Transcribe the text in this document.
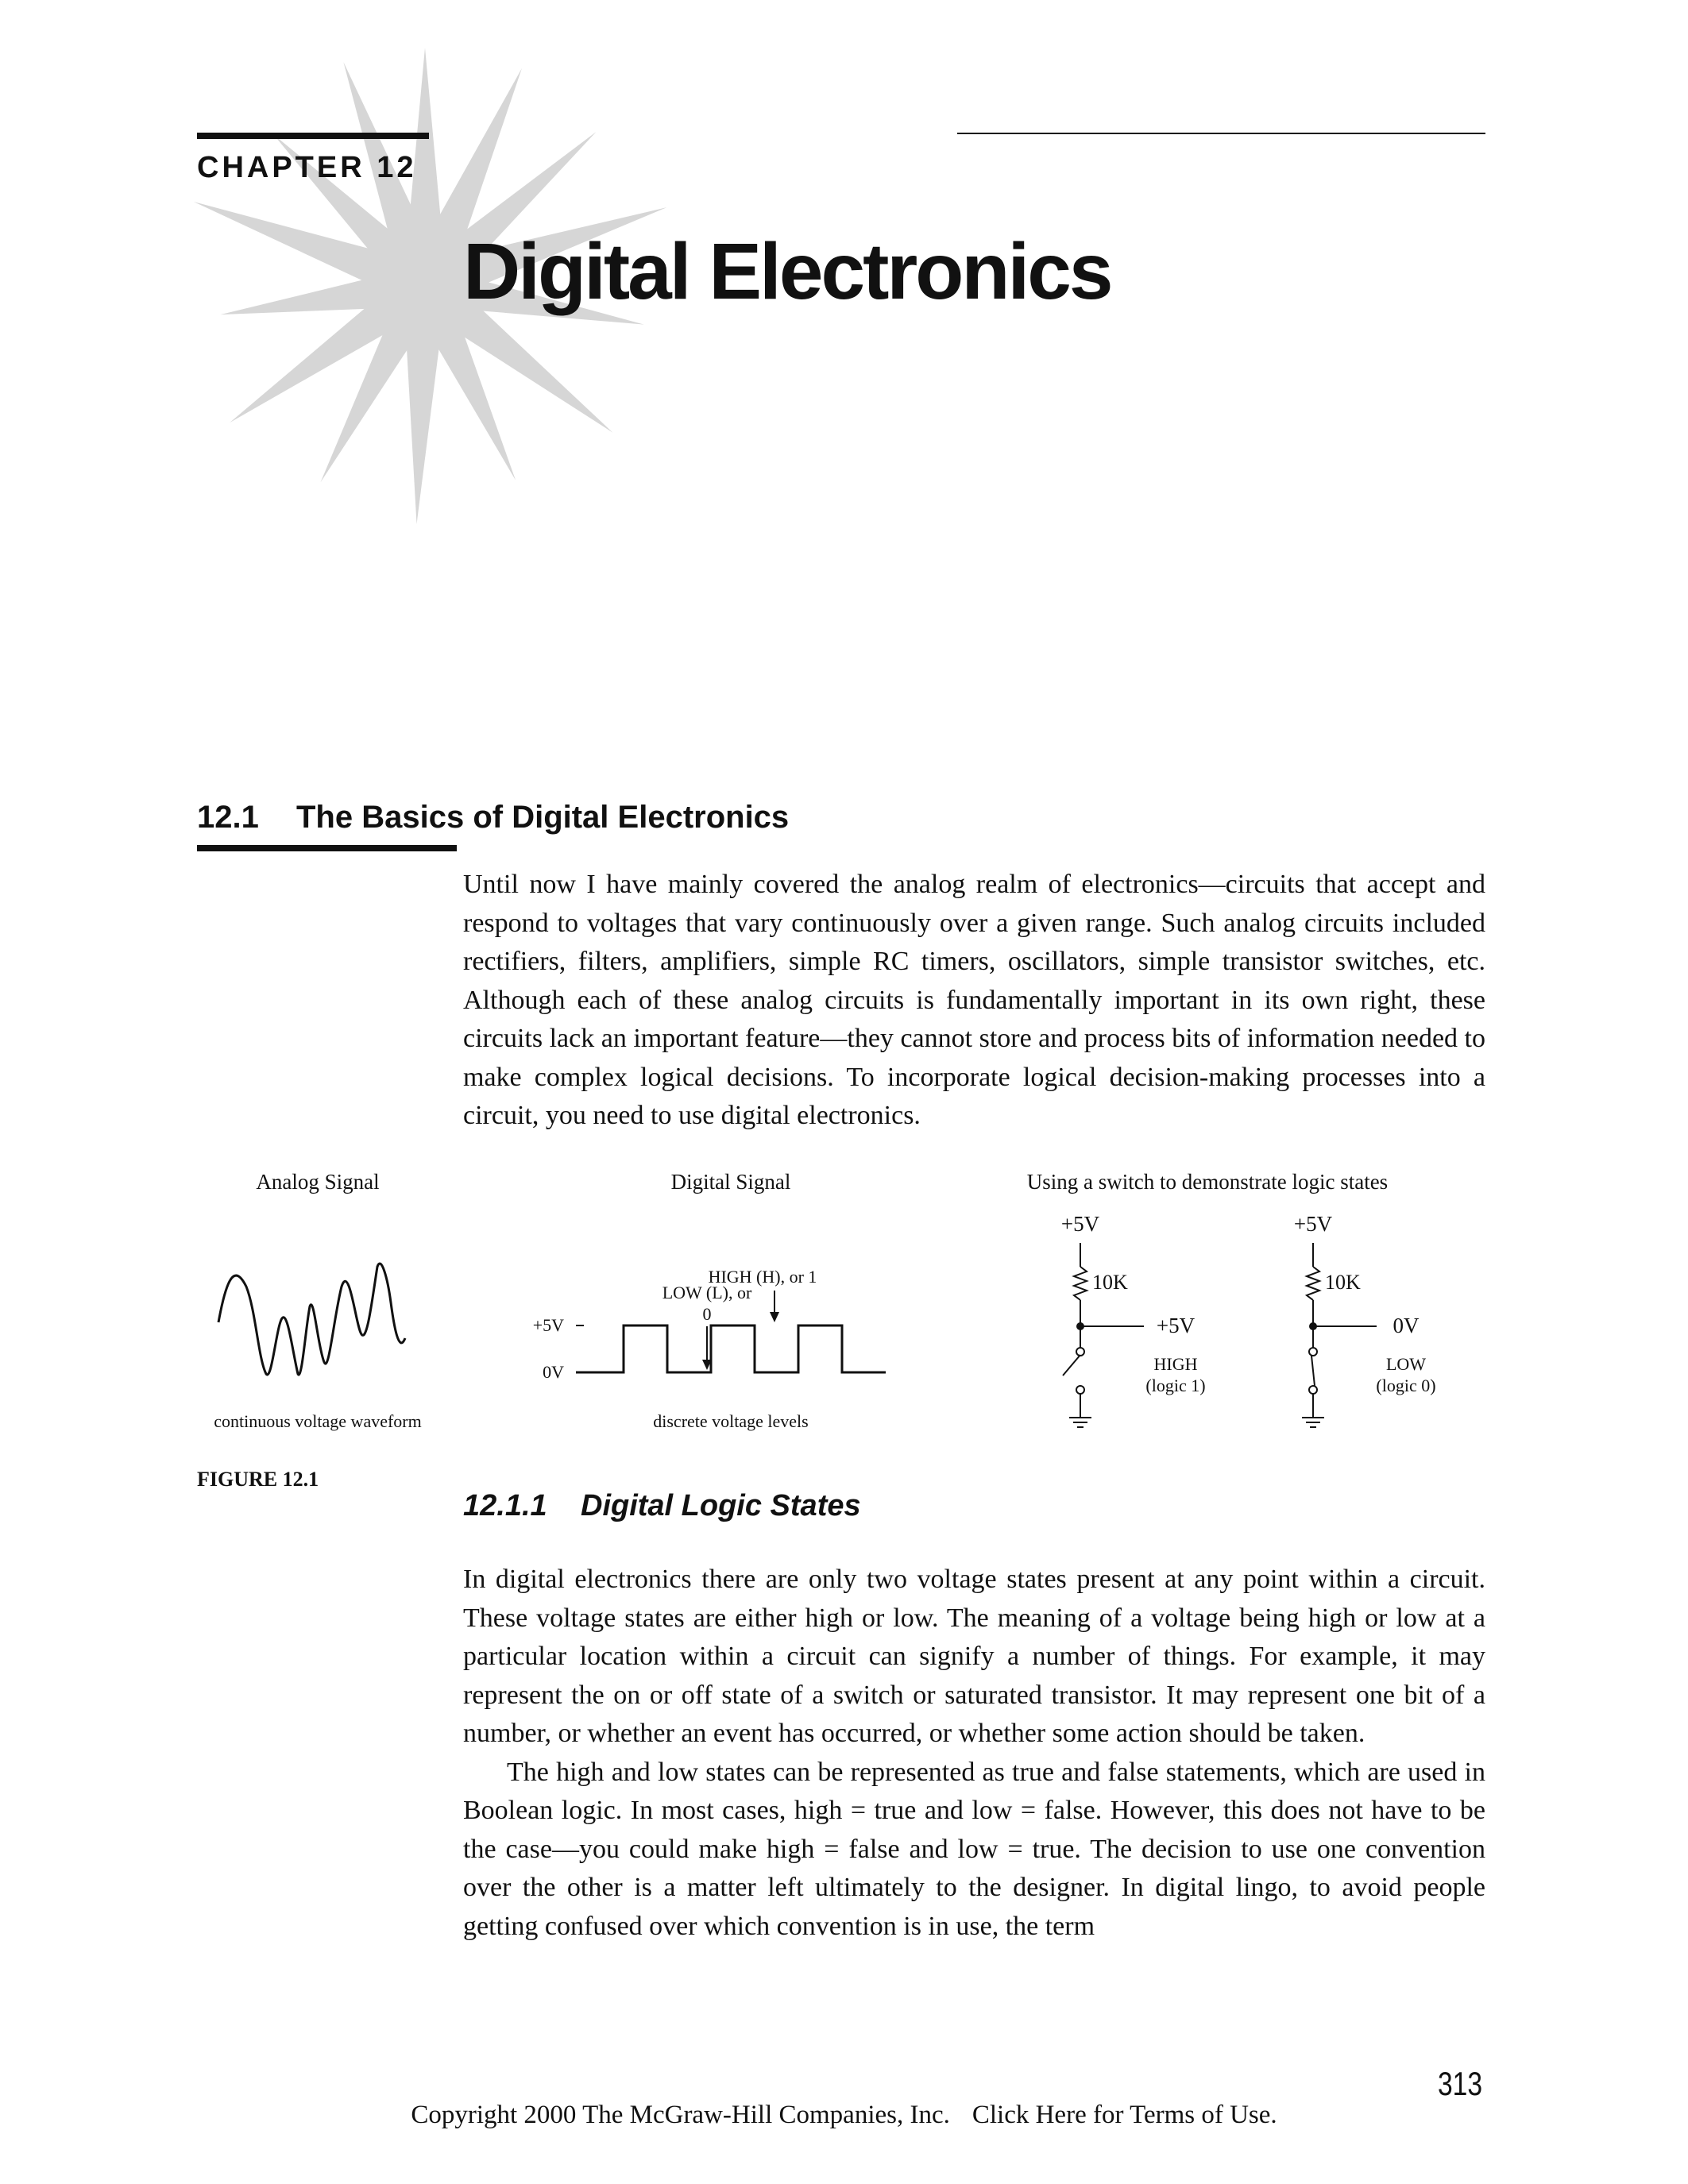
CHAPTER 12
Digital Electronics
12.1 The Basics of Digital Electronics

Until now I have mainly covered the analog realm of electronics—circuits that accept and respond to voltages that vary continuously over a given range. Such analog circuits included rectifiers, filters, amplifiers, simple RC timers, oscillators, simple transistor switches, etc. Although each of these analog circuits is fundamentally important in its own right, these circuits lack an important feature—they cannot store and process bits of information needed to make complex logical decisions. To incorporate logical decision-making processes into a circuit, you need to use digital electronics.

Analog Signal
continuous voltage waveform
Digital Signal
+5V
0V
HIGH (H), or 1
LOW (L), or
0
discrete voltage levels
Using a switch to demonstrate logic states
+5V
10K
+5V
HIGH
(logic 1)
+5V
10K
0V
LOW
(logic 0)
FIGURE 12.1
12.1.1 Digital Logic States

In digital electronics there are only two voltage states present at any point within a circuit. These voltage states are either high or low. The meaning of a voltage being high or low at a particular location within a circuit can signify a number of things. For example, it may represent the on or off state of a switch or saturated transistor. It may represent one bit of a number, or whether an event has occurred, or whether some action should be taken.

The high and low states can be represented as true and false statements, which are used in Boolean logic. In most cases, high = true and low = false. However, this does not have to be the case—you could make high = false and low = true. The decision to use one convention over the other is a matter left ultimately to the designer. In digital lingo, to avoid people getting confused over which convention is in use, the term

313
Copyright 2000 The McGraw-Hill Companies, Inc. Click Here for Terms of Use.
